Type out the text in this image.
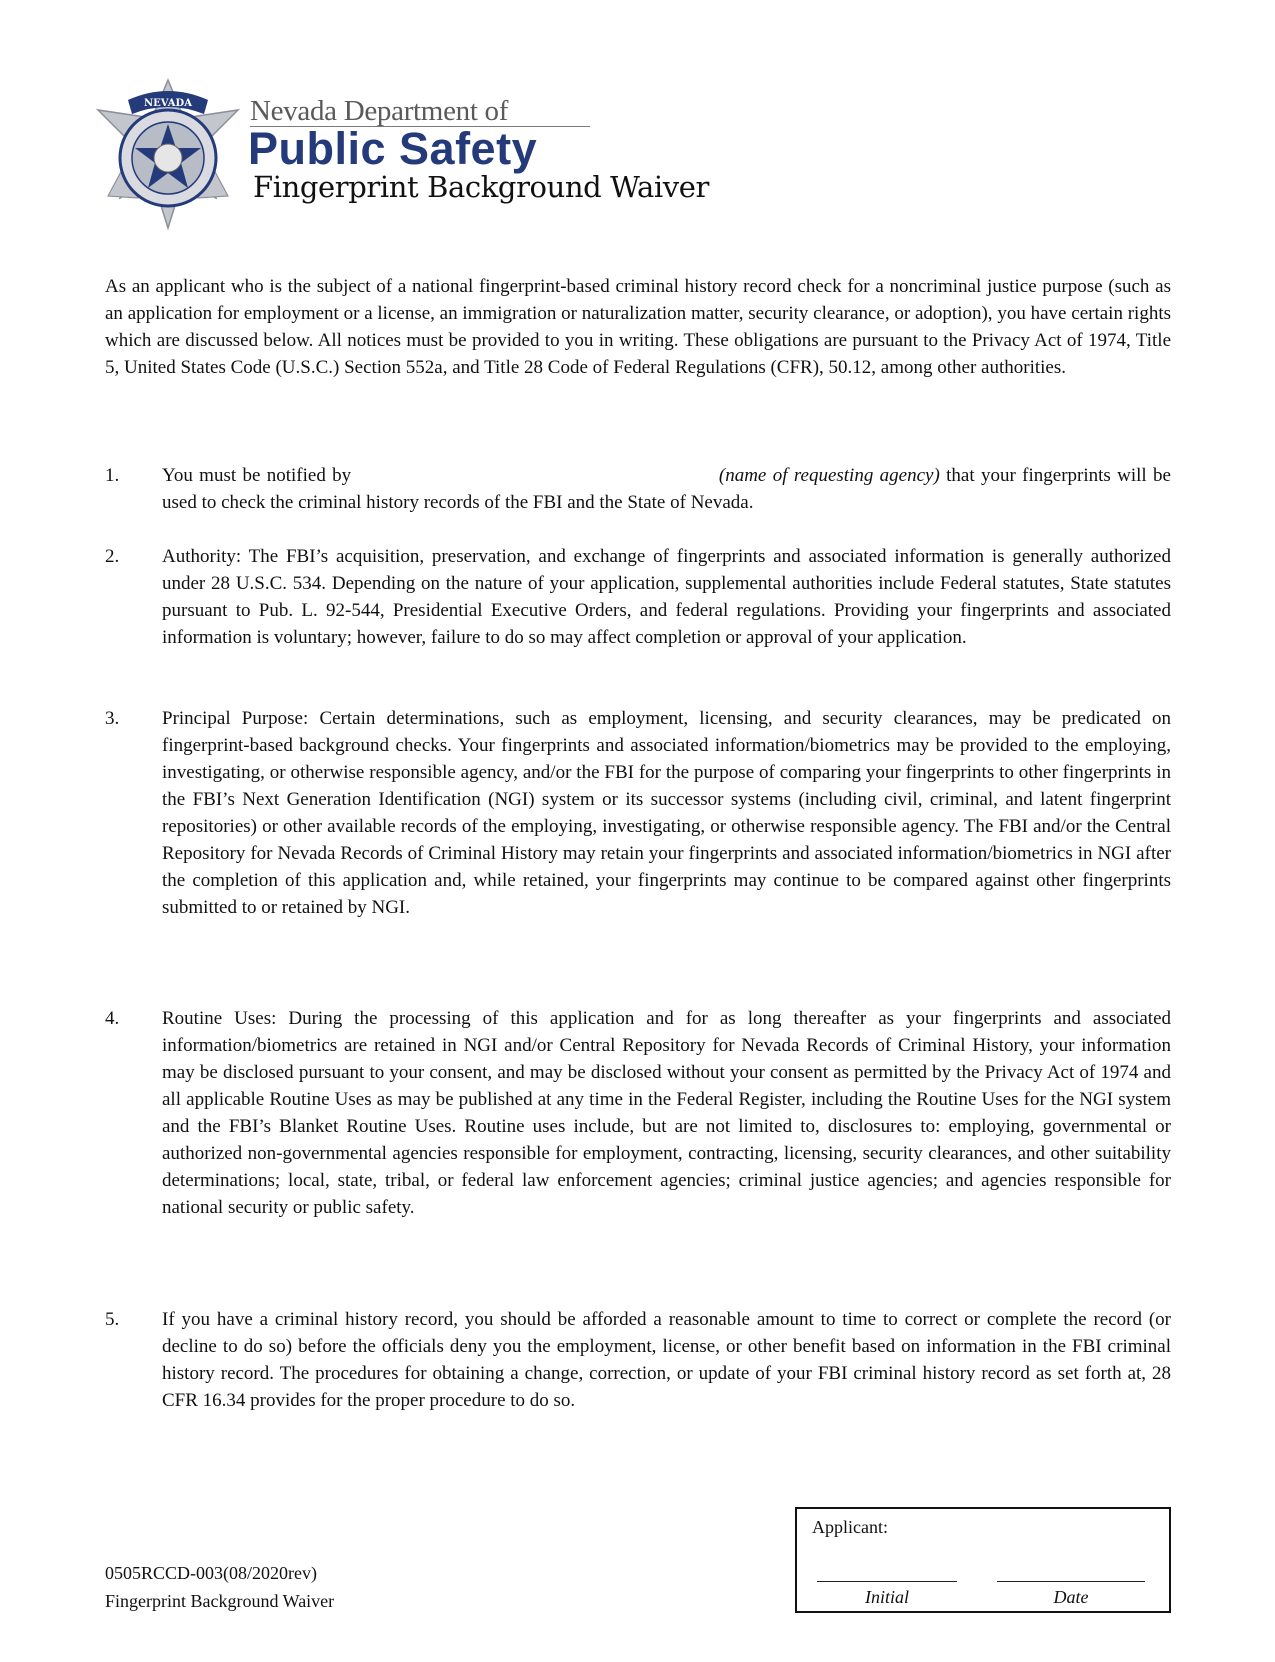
NEVADA Nevada Department of
Public Safety
Fingerprint Background Waiver
As an applicant who is the subject of a national fingerprint-based criminal history record check for a noncriminal justice purpose (such as an application for employment or a license, an immigration or naturalization matter, security clearance, or adoption), you have certain rights which are discussed below. All notices must be provided to you in writing. These obligations are pursuant to the Privacy Act of 1974, Title 5, United States Code (U.S.C.) Section 552a, and Title 28 Code of Federal Regulations (CFR), 50.12, among other authorities.
1. You must be notified by	(name of requesting agency) that your fingerprints will be used to check the criminal history records of the FBI and the State of Nevada.
2. Authority: The FBI’s acquisition, preservation, and exchange of fingerprints and associated information is generally authorized under 28 U.S.C. 534. Depending on the nature of your application, supplemental authorities include Federal statutes, State statutes pursuant to Pub. L. 92-544, Presidential Executive Orders, and federal regulations. Providing your fingerprints and associated information is voluntary; however, failure to do so may affect completion or approval of your application.
3. Principal Purpose: Certain determinations, such as employment, licensing, and security clearances, may be predicated on fingerprint-based background checks. Your fingerprints and associated information/biometrics may be provided to the employing, investigating, or otherwise responsible agency, and/or the FBI for the purpose of comparing your fingerprints to other fingerprints in the FBI’s Next Generation Identification (NGI) system or its successor systems (including civil, criminal, and latent fingerprint repositories) or other available records of the employing, investigating, or otherwise responsible agency. The FBI and/or the Central Repository for Nevada Records of Criminal History may retain your fingerprints and associated information/biometrics in NGI after the completion of this application and, while retained, your fingerprints may continue to be compared against other fingerprints submitted to or retained by NGI.
4. Routine Uses: During the processing of this application and for as long thereafter as your fingerprints and associated information/biometrics are retained in NGI and/or Central Repository for Nevada Records of Criminal History, your information may be disclosed pursuant to your consent, and may be disclosed without your consent as permitted by the Privacy Act of 1974 and all applicable Routine Uses as may be published at any time in the Federal Register, including the Routine Uses for the NGI system and the FBI’s Blanket Routine Uses. Routine uses include, but are not limited to, disclosures to: employing, governmental or authorized non-governmental agencies responsible for employment, contracting, licensing, security clearances, and other suitability determinations; local, state, tribal, or federal law enforcement agencies; criminal justice agencies; and agencies responsible for national security or public safety.
5. If you have a criminal history record, you should be afforded a reasonable amount to time to correct or complete the record (or decline to do so) before the officials deny you the employment, license, or other benefit based on information in the FBI criminal history record. The procedures for obtaining a change, correction, or update of your FBI criminal history record as set forth at, 28 CFR 16.34 provides for the proper procedure to do so.
Applicant:
Initial	Date
0505RCCD-003(08/2020rev)
Fingerprint Background Waiver
